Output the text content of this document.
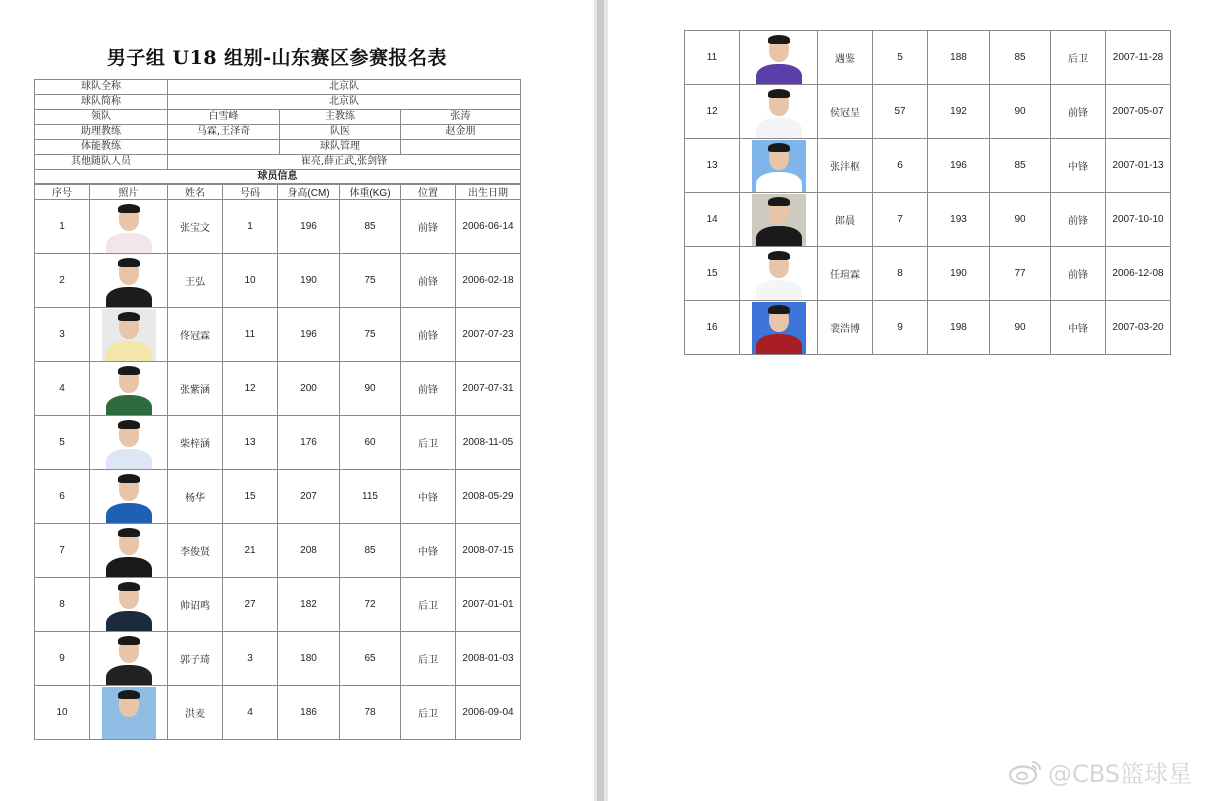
男子组 U18 组别-山东赛区参赛报名表
球队全称	北京队		
球队简称	北京队		
领队	白雪峰	主教练	张涛
助理教练	马霖,王泽奇	队医	赵金朋
体能教练		球队管理	
其他随队人员	崔亮,薛正武,张剑锋		
球员信息			
序号	照片	姓名	号码	身高(CM)	体重(KG)	位置	出生日期
1		张宝文	1	196	85	前锋	2006-06-14
2		王弘	10	190	75	前锋	2006-02-18
3		佟冠霖	11	196	75	前锋	2007-07-23
4		张紫涵	12	200	90	前锋	2007-07-31
5		柴梓涵	13	176	60	后卫	2008-11-05
6		杨华	15	207	115	中锋	2008-05-29
7		李俊贤	21	208	85	中锋	2008-07-15
8		帅诏鸣	27	182	72	后卫	2007-01-01
9		郭子琦	3	180	65	后卫	2008-01-03
10		洪麦	4	186	78	后卫	2006-09-04
11		遇鉴	5	188	85	后卫	2007-11-28
12		侯冠呈	57	192	90	前锋	2007-05-07
13		张沣枢	6	196	85	中锋	2007-01-13
14		郎晨	7	193	90	前锋	2007-10-10
15		任瑄霖	8	190	77	前锋	2006-12-08
16		裴浩博	9	198	90	中锋	2007-03-20
@CBS篮球星
